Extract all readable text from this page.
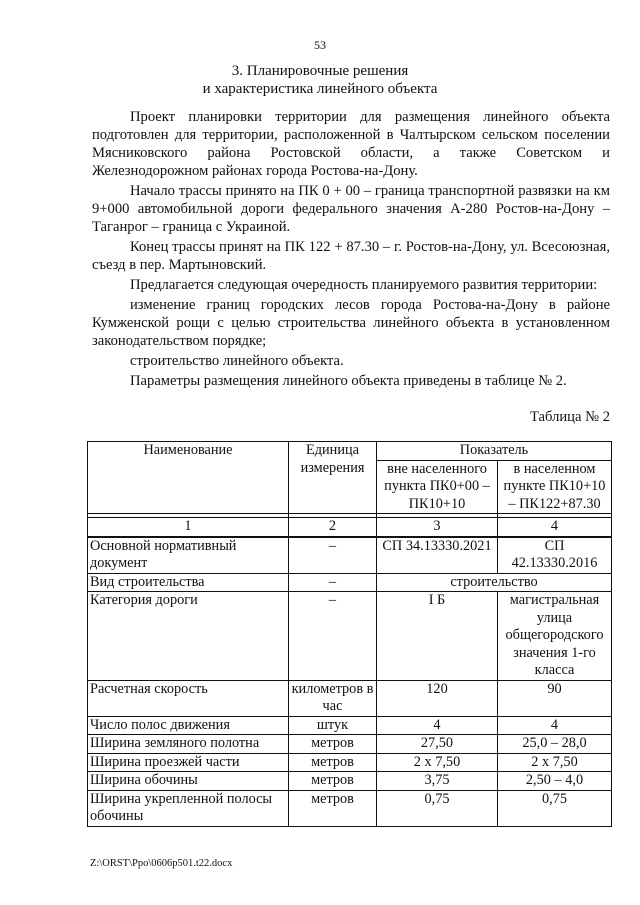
53
3. Планировочные решения
и характеристика линейного объекта

Проект планировки территории для размещения линейного объекта подготовлен для территории, расположенной в Чалтырском сельском поселении Мясниковского района Ростовской области, а также Советском и Железнодорожном районах города Ростова-на-Дону.

Начало трассы принято на ПК 0 + 00 – граница транспортной развязки на км 9+000 автомобильной дороги федерального значения А-280 Ростов-на-Дону – Таганрог – граница с Украиной.

Конец трассы принят на ПК 122 + 87.30 – г. Ростов-на-Дону, ул. Всесоюзная, съезд в пер. Мартыновский.

Предлагается следующая очередность планируемого развития территории:

изменение границ городских лесов города Ростова-на-Дону в районе Кумженской рощи с целью строительства линейного объекта в установленном законодательством порядке;

строительство линейного объекта.

Параметры размещения линейного объекта приведены в таблице № 2.

Таблица № 2
Наименование	Единица измерения	Показатель	
		вне населенного пункта ПК0+00 – ПК10+10	в населенном пункте ПК10+10 – ПК122+87.30

1	2	3	4
Основной нормативный документ	–	СП 34.13330.2021	СП 42.13330.2016
Вид строительства	–	строительство	
Категория дороги	–	I Б	магистральная улица общегородского значения 1-го класса
Расчетная скорость	километров в час	120	90
Число полос движения	штук	4	4
Ширина земляного полотна	метров	27,50	25,0 – 28,0
Ширина проезжей части	метров	2 х 7,50	2 х 7,50
Ширина обочины	метров	3,75	2,50 – 4,0
Ширина укрепленной полосы обочины	метров	0,75	0,75
Z:\ORST\Ppo\0606p501.t22.docx
